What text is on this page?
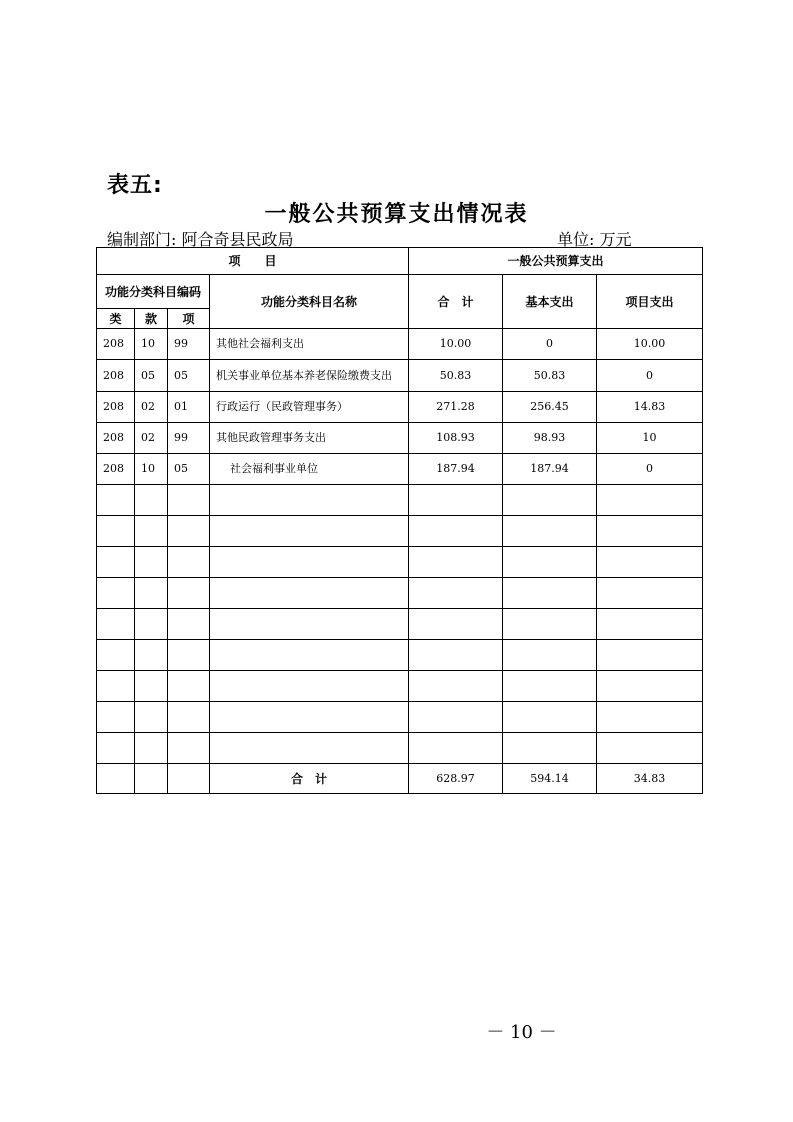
表五:
一般公共预算支出情况表
编制部门: 阿合奇县民政局	单位: 万元
项　　目				一般公共预算支出		
功能分类科目编码			功能分类科目名称	合　计	基本支出	项目支出
类	款	项				
208	10	99	其他社会福利支出	10.00	0	10.00
208	05	05	机关事业单位基本养老保险缴费支出	50.83	50.83	0
208	02	01	行政运行（民政管理事务）	271.28	256.45	14.83
208	02	99	其他民政管理事务支出	108.93	98.93	10
208	10	05	社会福利事业单位	187.94	187.94	0

			合　计	628.97	594.14	34.83
－ 10 －
